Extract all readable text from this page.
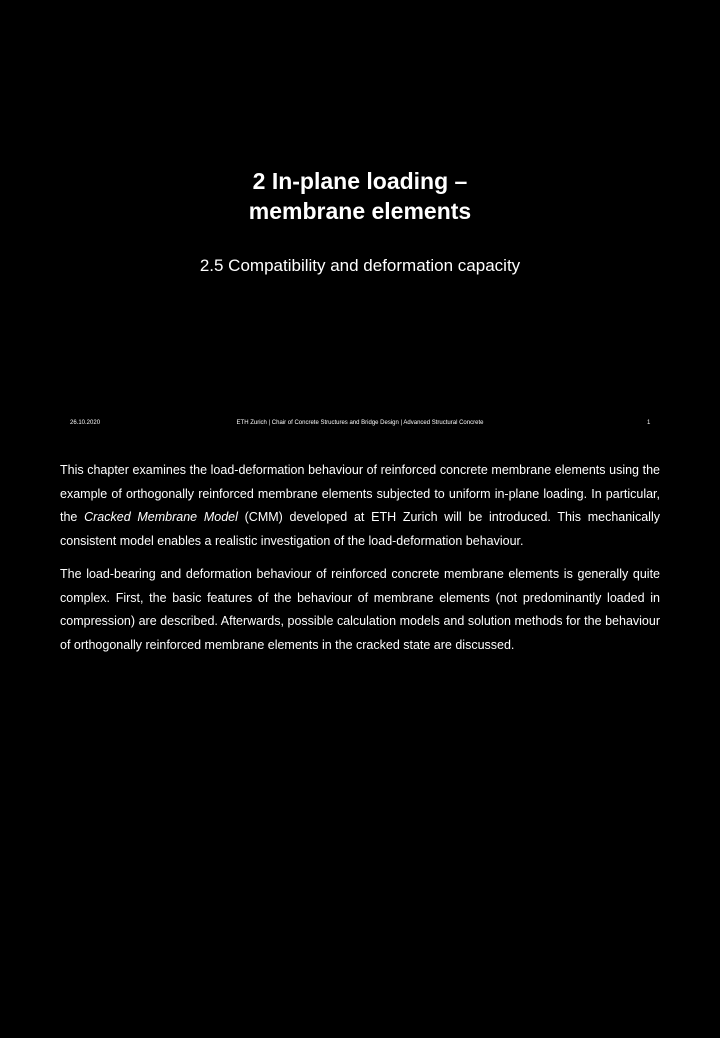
2 In-plane loading –
membrane elements
2.5 Compatibility and deformation capacity
26.10.2020	ETH Zurich | Chair of Concrete Structures and Bridge Design | Advanced Structural Concrete	1

This chapter examines the load-deformation behaviour of reinforced concrete membrane elements using the example of orthogonally reinforced membrane elements subjected to uniform in-plane loading. In particular, the Cracked Membrane Model (CMM) developed at ETH Zurich will be introduced. This mechanically consistent model enables a realistic investigation of the load-deformation behaviour.

The load-bearing and deformation behaviour of reinforced concrete membrane elements is generally quite complex. First, the basic features of the behaviour of membrane elements (not predominantly loaded in compression) are described. Afterwards, possible calculation models and solution methods for the behaviour of orthogonally reinforced membrane elements in the cracked state are discussed.
